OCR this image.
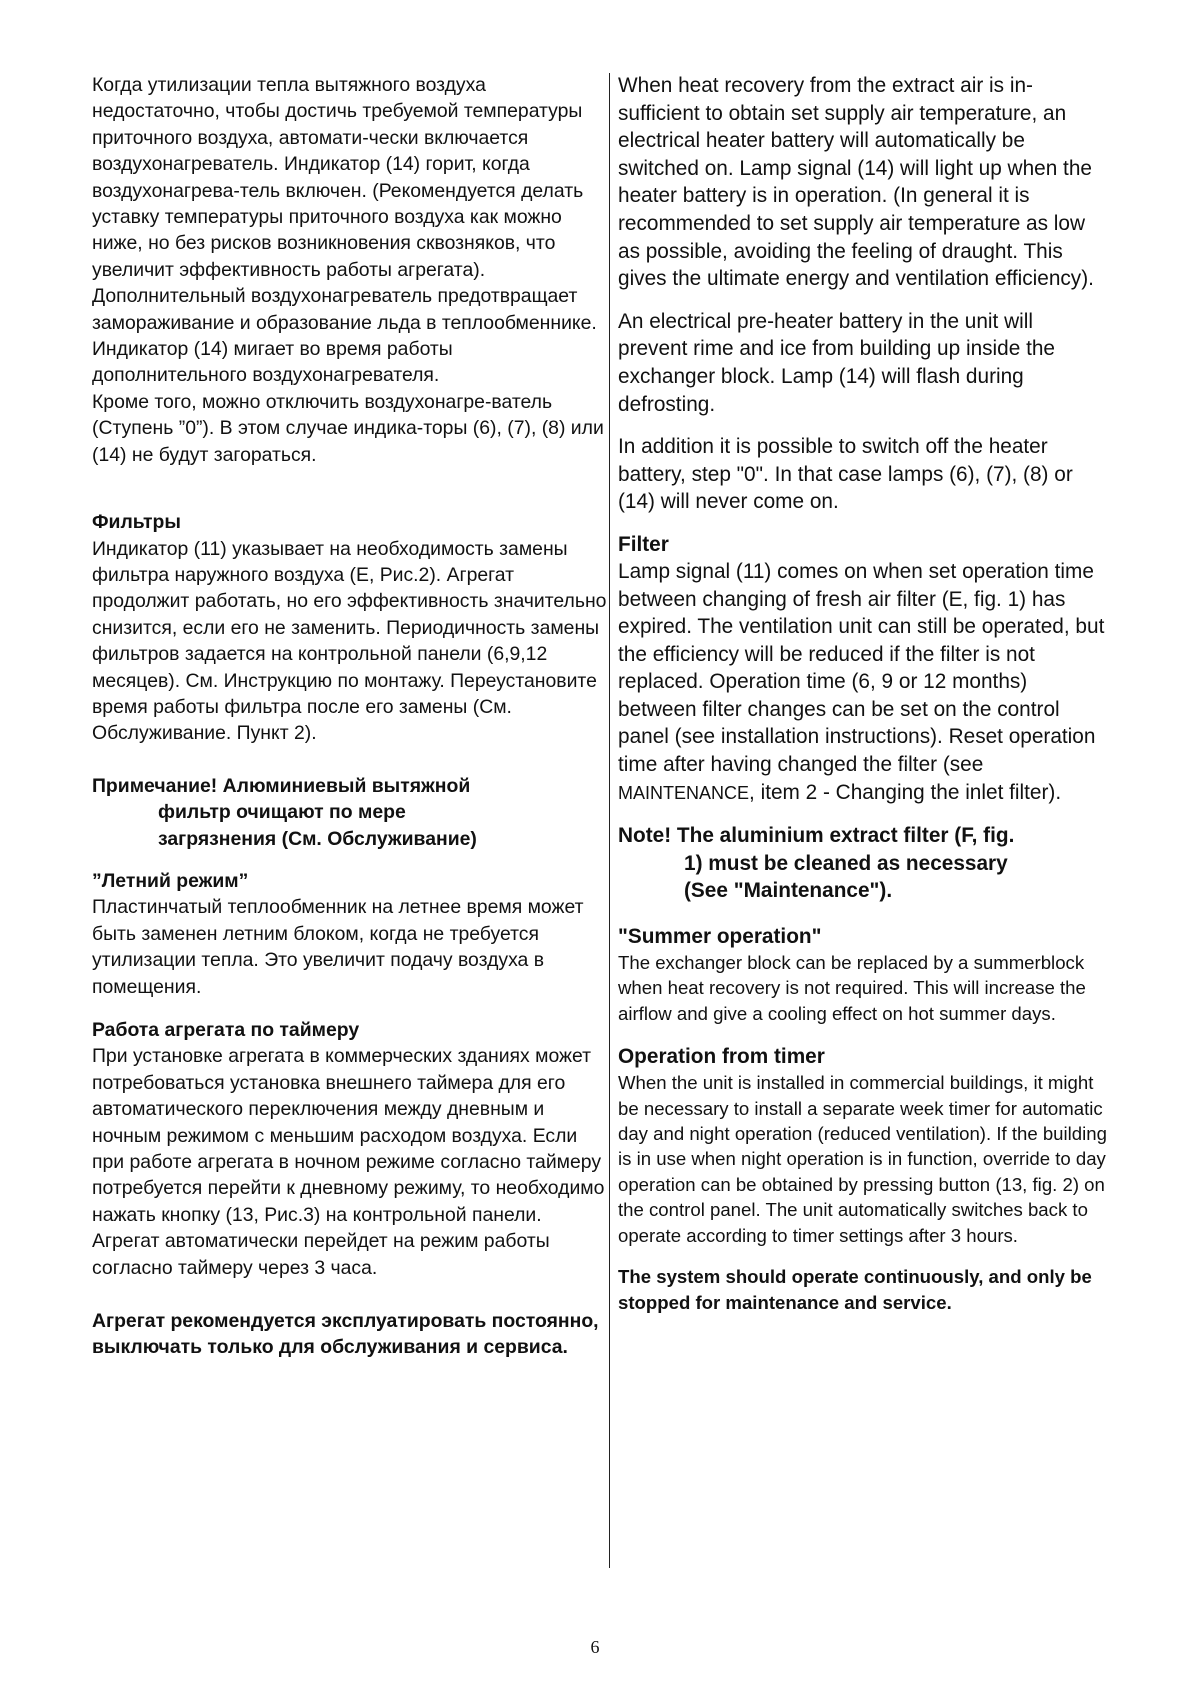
Когда утилизации тепла вытяжного воздуха недостаточно, чтобы достичь требуемой температуры приточного воздуха, автомати-чески включается воздухонагреватель. Индикатор (14) горит, когда воздухонагрева-тель включен. (Рекомендуется делать уставку температуры приточного воздуха как можно ниже, но без рисков возникновения сквозняков, что увеличит эффективность работы агрегата).

Дополнительный воздухонагреватель предотвращает замораживание и образование льда в теплообменнике. Индикатор (14) мигает во время работы дополнительного воздухонагревателя.

Кроме того, можно отключить воздухонагре-ватель (Ступень ”0”). В этом случае индика-торы (6), (7), (8) или (14) не будут загораться.

Фильтры

Индикатор (11) указывает на необходимость замены фильтра наружного воздуха (E, Рис.2). Агрегат продолжит работать, но его эффективность значительно снизится, если его не заменить. Периодичность замены фильтров задается на контрольной панели (6,9,12 месяцев). См. Инструкцию по монтажу. Переустановите время работы фильтра после его замены (См. Обслуживание. Пункт 2).

Примечание! Алюминиевый вытяжной
фильтр очищают по мере
загрязнения (См. Обслуживание)
”Летний режим”

Пластинчатый теплообменник на летнее время может быть заменен летним блоком, когда не требуется утилизации тепла. Это увеличит подачу воздуха в помещения.

Работа агрегата по таймеру

При установке агрегата в коммерческих зданиях может потребоваться установка внешнего таймера для его автоматического переключения между дневным и ночным режимом с меньшим расходом воздуха. Если при работе агрегата в ночном режиме согласно таймеру потребуется перейти к дневному режиму, то необходимо нажать кнопку (13, Рис.3) на контрольной панели. Агрегат автоматически перейдет на режим работы согласно таймеру через 3 часа.

Агрегат рекомендуется эксплуатировать постоянно, выключать только для обслуживания и сервиса.

When heat recovery from the extract air is in-sufficient to obtain set supply air temperature, an electrical heater battery will automatically be switched on. Lamp signal (14) will light up when the heater battery is in operation. (In general it is recommended to set supply air temperature as low as possible, avoiding the feeling of draught. This gives the ultimate energy and ventilation efficiency).

An electrical pre-heater battery in the unit will prevent rime and ice from building up inside the exchanger block. Lamp (14) will flash during defrosting.

In addition it is possible to switch off the heater battery, step "0". In that case lamps (6), (7), (8) or (14) will never come on.

Filter

Lamp signal (11) comes on when set operation time between changing of fresh air filter (E, fig. 1) has expired. The ventilation unit can still be operated, but the efficiency will be reduced if the filter is not replaced. Operation time (6, 9 or 12 months) between filter changes can be set on the control panel (see installation instructions). Reset operation time after having changed the filter (see MAINTENANCE, item 2 - Changing the inlet filter).

Note! The aluminium extract filter (F, fig.
1) must be cleaned as necessary
(See "Maintenance").
"Summer operation"

The exchanger block can be replaced by a summerblock when heat recovery is not required. This will increase the airflow and give a cooling effect on hot summer days.

Operation from timer

When the unit is installed in commercial buildings, it might be necessary to install a separate week timer for automatic day and night operation (reduced ventilation). If the building is in use when night operation is in function, override to day operation can be obtained by pressing button (13, fig. 2) on the control panel. The unit automatically switches back to operate according to timer settings after 3 hours.

The system should operate continuously, and only be stopped for maintenance and service.

6
